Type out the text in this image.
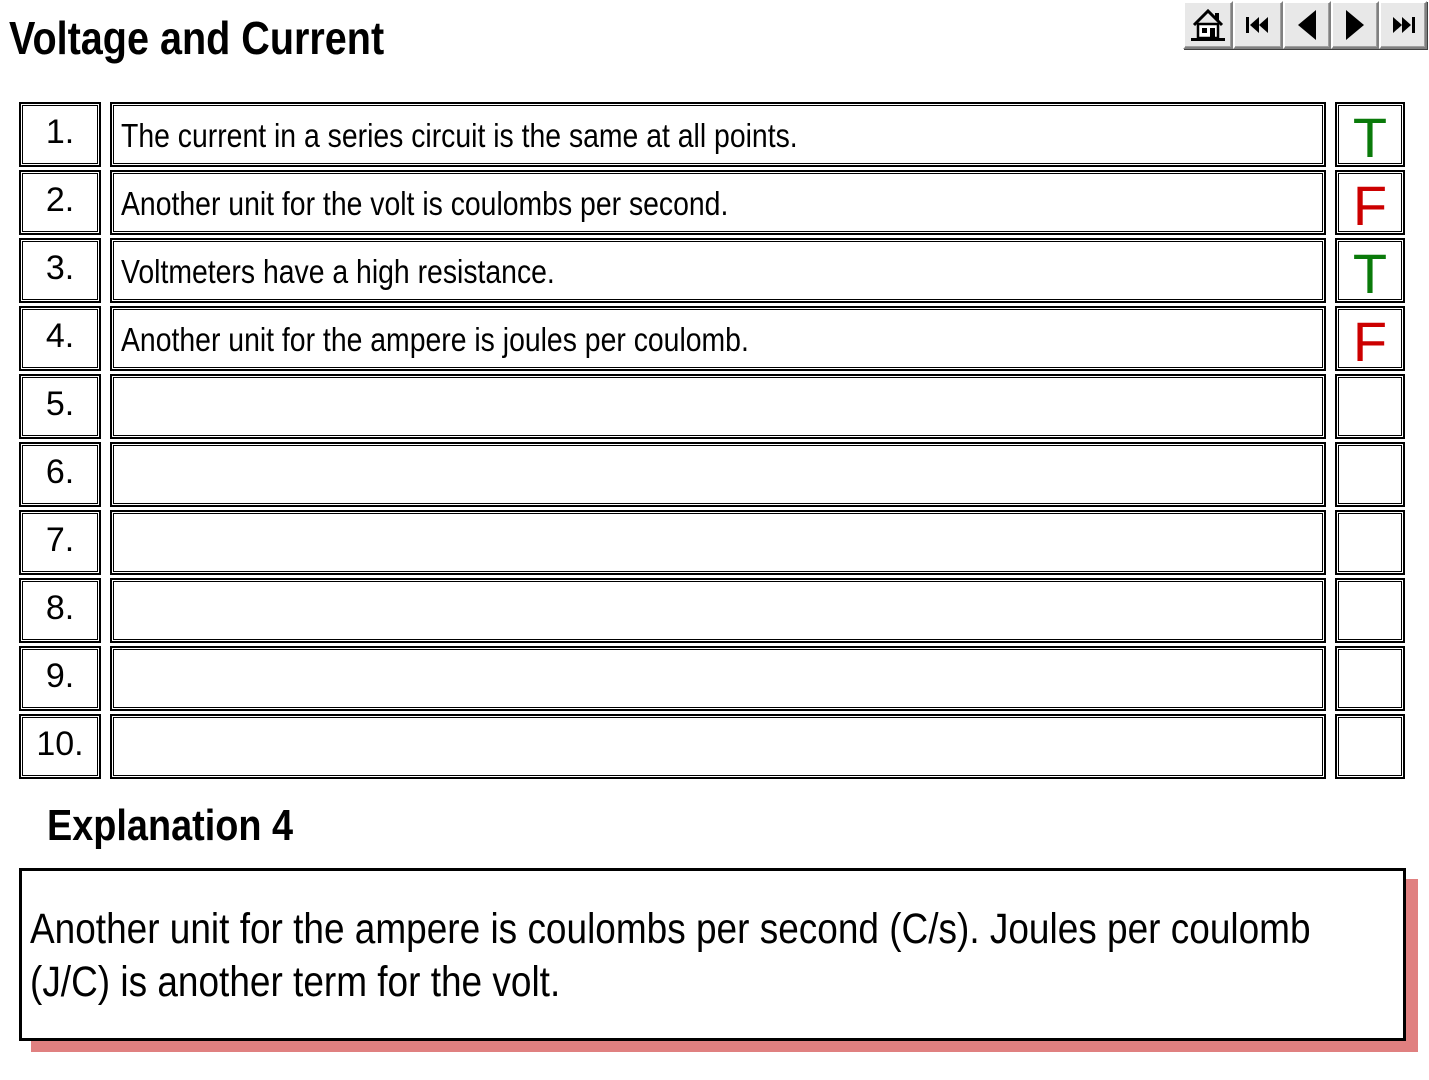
Voltage and Current
1.	The current in a series circuit is the same at all points.	T
2.	Another unit for the volt is coulombs per second.	F
3.	Voltmeters have a high resistance.	T
4.	Another unit for the ampere is joules per coulomb.	F
5.
6.
7.
8.
9.
10.
Explanation 4
Another unit for the ampere is coulombs per second (C/s). Joules per coulomb (J/C) is another term for the volt.
